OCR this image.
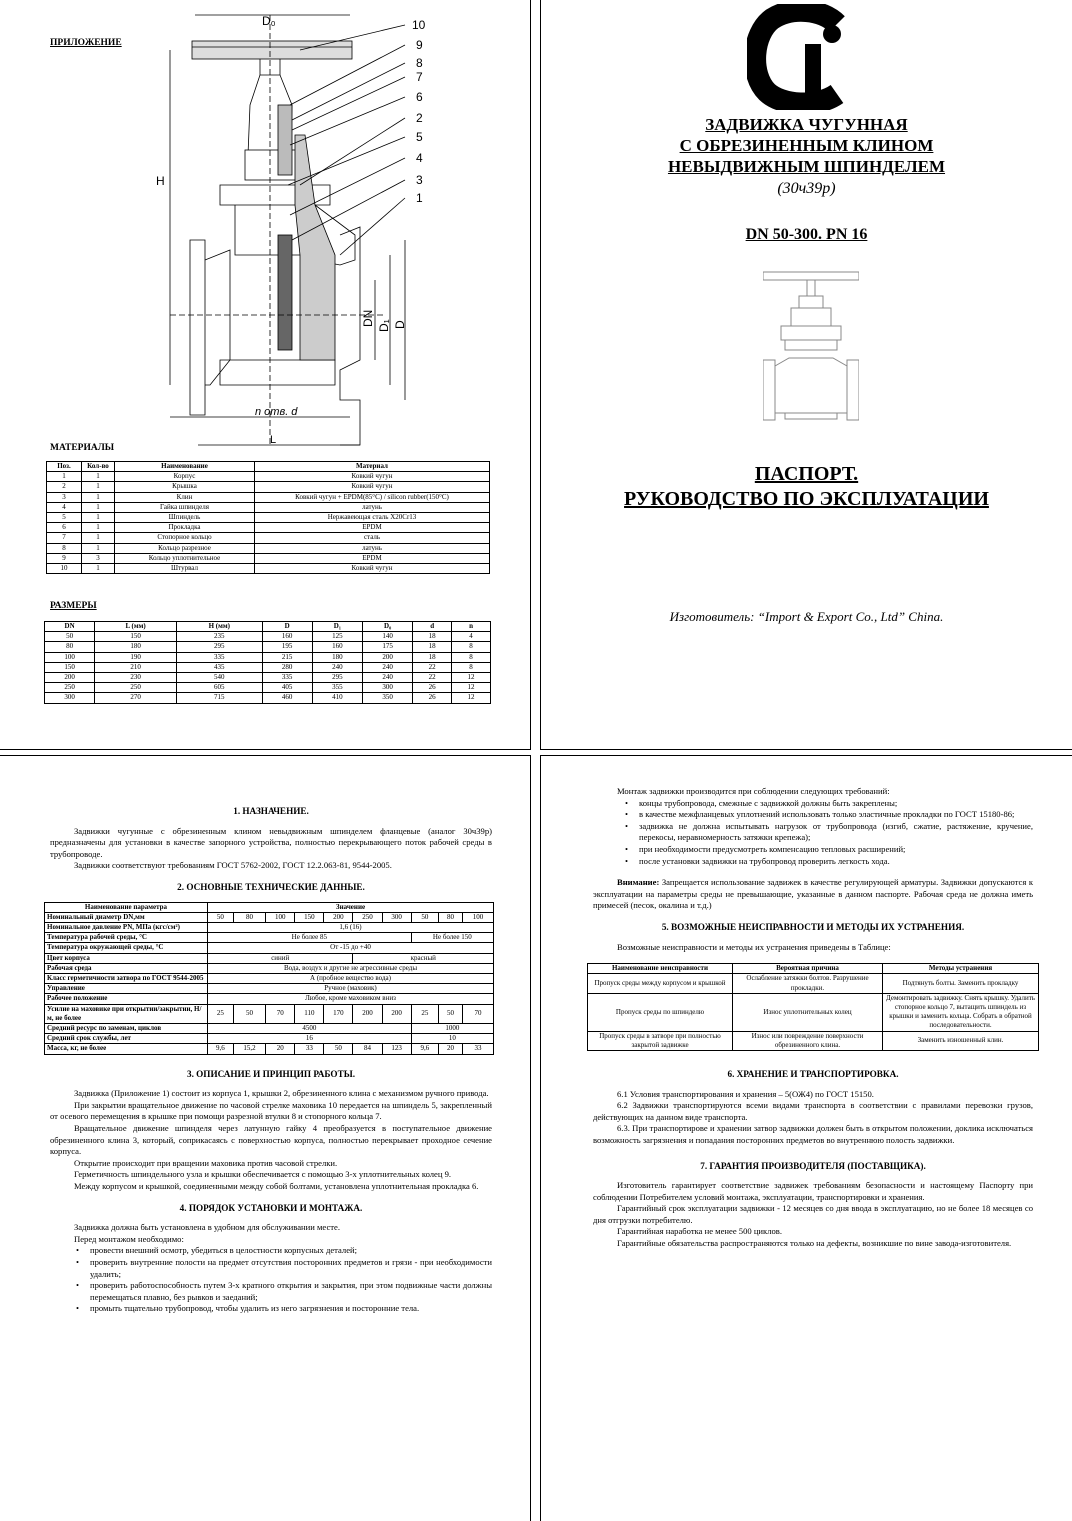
ПРИЛОЖЕНИЕ
D₀
H
L
n отв. d
DN D₁ D
10
9
8
7
6
2
5
4
3
1
МАТЕРИАЛЫ
Поз.	Кол-во	Наименование	Материал
1	1	Корпус	Ковкий чугун
2	1	Крышка	Ковкий чугун
3	1	Клин	Ковкий чугун + EPDM(85°С) / silicon rubber(150°С)
4	1	Гайка шпинделя	латунь
5	1	Шпиндель	Нержавеющая сталь X20Cr13
6	1	Прокладка	EPDM
7	1	Стопорное кольцо	сталь
8	1	Кольцо разрезное	латунь
9	3	Кольцо уплотнительное	EPDM
10	1	Штурвал	Ковкий чугун
РАЗМЕРЫ
DN	L (мм)	H (мм)	D	D₁	D₀	d	n
50	150	235	160	125	140	18	4
80	180	295	195	160	175	18	8
100	190	335	215	180	200	18	8
150	210	435	280	240	240	22	8
200	230	540	335	295	240	22	12
250	250	605	405	355	300	26	12
300	270	715	460	410	350	26	12
ЗАДВИЖКА ЧУГУННАЯ
С ОБРЕЗИНЕННЫМ КЛИНОМ
НЕВЫДВИЖНЫМ ШПИНДЕЛЕМ
(30ч39р)
DN 50-300. PN 16
ПАСПОРТ.
РУКОВОДСТВО ПО ЭКСПЛУАТАЦИИ
Изготовитель: “Import & Export Co., Ltd” China.
1. НАЗНАЧЕНИЕ.

Задвижки чугунные с обрезиненным клином невыдвижным шпинделем фланцевые (аналог 30ч39р) предназначены для установки в качестве запорного устройства, полностью перекрывающего поток рабочей среды в трубопроводе.

Задвижки соответствуют требованиям ГОСТ 5762-2002, ГОСТ 12.2.063-81, 9544-2005.

2. ОСНОВНЫЕ ТЕХНИЧЕСКИЕ ДАННЫЕ.
Наименование параметра	Значение									
Номинальный диаметр DN,мм	50	80	100	150	200	250	300	50	80	100
Номинальное давление PN, МПа (кгс/см²)	1,6 (16)									
Температура рабочей среды, °С	Не более 85							Не более 150		
Температура окружающей среды, °С	От -15 до +40									
Цвет корпуса	синий					красный				
Рабочая среда	Вода, воздух и другие не агрессивные среды									
Класс герметичности затвора по ГОСТ 9544-2005	А (пробное вещество вода)									
Управление	Ручное (маховик)									
Рабочее положение	Любое, кроме маховиком вниз									
Усилие на маховике при открытии/закрытии, Н/м, не более	25	50	70	110	170	200	200	25	50	70
Средний ресурс по заменам, циклов	4500							1000		
Средний срок службы, лет	16							10		
Масса, кг, не более	9,6	15,2	20	33	50	84	123	9,6	20	33
3. ОПИСАНИЕ И ПРИНЦИП РАБОТЫ.

Задвижка (Приложение 1) состоит из корпуса 1, крышки 2, обрезиненного клина с механизмом ручного привода.

При закрытии вращательное движение по часовой стрелке маховика 10 передается на шпиндель 5, закрепленный от осевого перемещения в крышке при помощи разрезной втулки 8 и стопорного кольца 7.

Вращательное движение шпинделя через латунную гайку 4 преобразуется в поступательное движение обрезиненного клина 3, который, соприкасаясь с поверхностью корпуса, полностью перекрывает проходное сечение корпуса.

Открытие происходит при вращении маховика против часовой стрелки.

Герметичность шпиндельного узла и крышки обеспечивается с помощью 3-х уплотнительных колец 9.

Между корпусом и крышкой, соединенными между собой болтами, установлена уплотнительная прокладка 6.

4. ПОРЯДОК УСТАНОВКИ И МОНТАЖА.

Задвижка должна быть установлена в удобном для обслуживании месте.

Перед монтажом необходимо:

• провести внешний осмотр, убедиться в целостности корпусных деталей;
• проверить внутренние полости на предмет отсутствия посторонних предметов и грязи - при необходимости удалить;
• проверить работоспособность путем 3-х кратного открытия и закрытия, при этом подвижные части должны перемещаться плавно, без рывков и заеданий;
• промыть тщательно трубопровод, чтобы удалить из него загрязнения и посторонние тела.

Монтаж задвижки производится при соблюдении следующих требований:

• концы трубопровода, смежные с задвижкой должны быть закреплены;
• в качестве межфланцевых уплотнений использовать только эластичные прокладки по ГОСТ 15180-86;
• задвижка не должна испытывать нагрузок от трубопровода (изгиб, сжатие, растяжение, кручение, перекосы, неравномерность затяжки крепежа);
• при необходимости предусмотреть компенсацию тепловых расширений;
• после установки задвижки на трубопровод проверить легкость хода.

Внимание: Запрещается использование задвижек в качестве регулирующей арматуры. Задвижки допускаются к эксплуатации на параметры среды не превышающие, указанные в данном паспорте. Рабочая среда не должна иметь примесей (песок, окалина и т.д.)

5. ВОЗМОЖНЫЕ НЕИСПРАВНОСТИ И МЕТОДЫ ИХ УСТРАНЕНИЯ.

Возможные неисправности и методы их устранения приведены в Таблице:

Наименование неисправности	Вероятная причина	Методы устранения
Пропуск среды между корпусом и крышкой	Ослабление затяжки болтов. Разрушение прокладки.	Подтянуть болты. Заменить прокладку
Пропуск среды по шпинделю	Износ уплотнительных колец	Демонтировать задвижку. Снять крышку. Удалить стопорное кольцо 7, вытащить шпиндель из крышки и заменить кольца. Собрать в обратной последовательности.
Пропуск среды в затворе при полностью закрытой задвижке	Износ или повреждение поверхности обрезиненного клина.	Заменить изношенный клин.
6. ХРАНЕНИЕ И ТРАНСПОРТИРОВКА.

6.1 Условия транспортирования и хранения – 5(ОЖ4) по ГОСТ 15150.

6.2 Задвижки транспортируются всеми видами транспорта в соответствии с правилами перевозки грузов, действующих на данном виде транспорта.

6.3. При транспортирове и хранении затвор задвижки должен быть в открытом положении, доклика исключаться возможность загрязнения и попадания посторонних предметов во внутреннюю полость задвижки.

7. ГАРАНТИЯ ПРОИЗВОДИТЕЛЯ (ПОСТАВЩИКА).

Изготовитель гарантирует соответствие задвижек требованиям безопасности и настоящему Паспорту при соблюдении Потребителем условий монтажа, эксплуатации, транспортировки и хранения.

Гарантийный срок эксплуатации задвижки - 12 месяцев со дня ввода в эксплуатацию, но не более 18 месяцев со дня отгрузки потребителю.

Гарантийная наработка не менее 500 циклов.

Гарантийные обязательства распространяются только на дефекты, возникшие по вине завода-изготовителя.
